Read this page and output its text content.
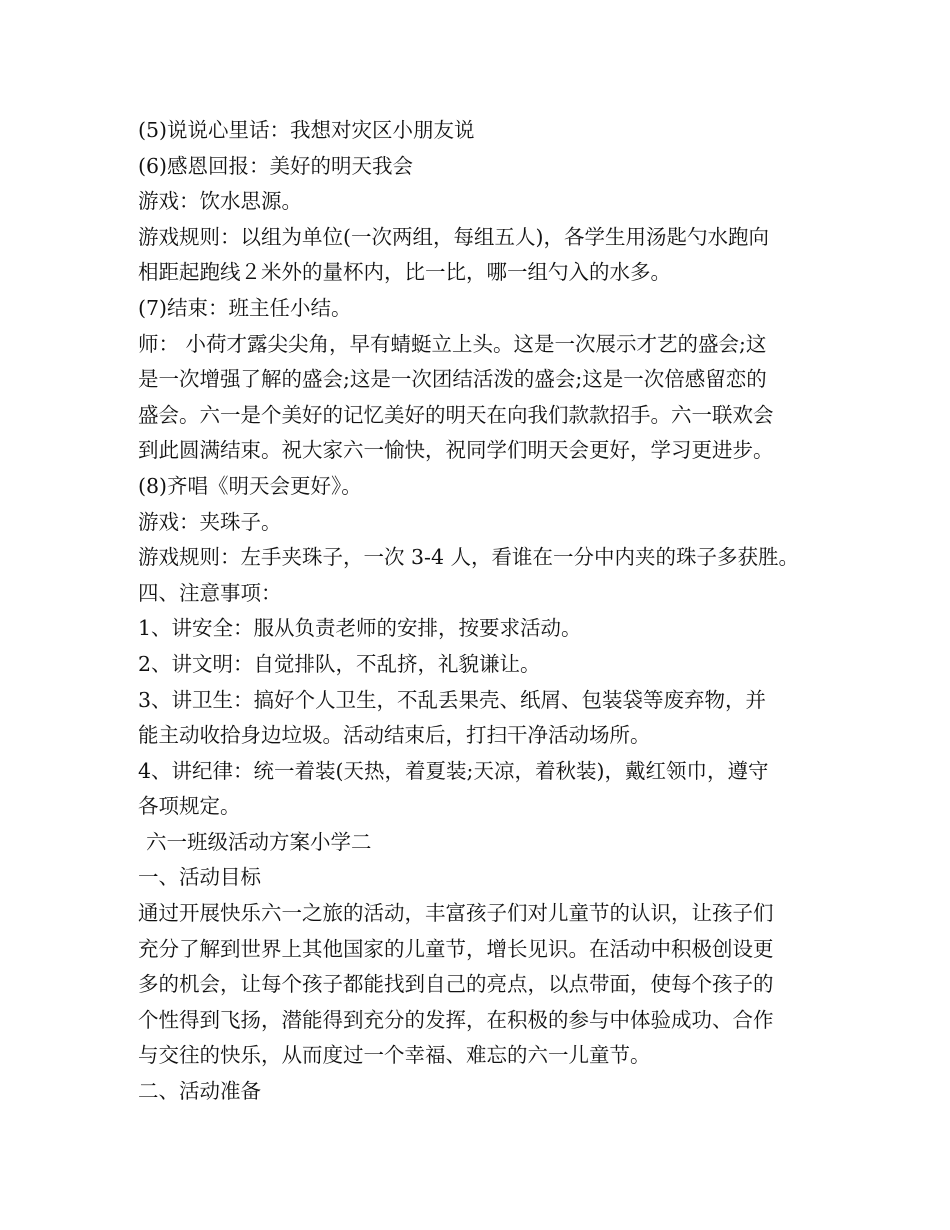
(5)说说心里话：我想对灾区小朋友说
(6)感恩回报：美好的明天我会
游戏：饮水思源。
游戏规则：以组为单位(一次两组，每组五人)，各学生用汤匙勺水跑向
相距起跑线２米外的量杯内，比一比，哪一组勺入的水多。
(7)结束：班主任小结。
师： 小荷才露尖尖角，早有蜻蜓立上头。这是一次展示才艺的盛会;这
是一次增强了解的盛会;这是一次团结活泼的盛会;这是一次倍感留恋的
盛会。六一是个美好的记忆美好的明天在向我们款款招手。六一联欢会
到此圆满结束。祝大家六一愉快，祝同学们明天会更好，学习更进步。
(8)齐唱《明天会更好》。
游戏：夹珠子。
游戏规则：左手夹珠子，一次 3-4 人，看谁在一分中内夹的珠子多获胜。
四、注意事项：
1、讲安全：服从负责老师的安排，按要求活动。
2、讲文明：自觉排队，不乱挤，礼貌谦让。
3、讲卫生：搞好个人卫生，不乱丢果壳、纸屑、包装袋等废弃物，并
能主动收拾身边垃圾。活动结束后，打扫干净活动场所。
4、讲纪律：统一着装(天热，着夏装;天凉，着秋装)，戴红领巾，遵守
各项规定。
六一班级活动方案小学二
一、活动目标
通过开展快乐六一之旅的活动，丰富孩子们对儿童节的认识，让孩子们
充分了解到世界上其他国家的儿童节，增长见识。在活动中积极创设更
多的机会，让每个孩子都能找到自己的亮点，以点带面，使每个孩子的
个性得到飞扬，潜能得到充分的发挥，在积极的参与中体验成功、合作
与交往的快乐，从而度过一个幸福、难忘的六一儿童节。
二、活动准备
